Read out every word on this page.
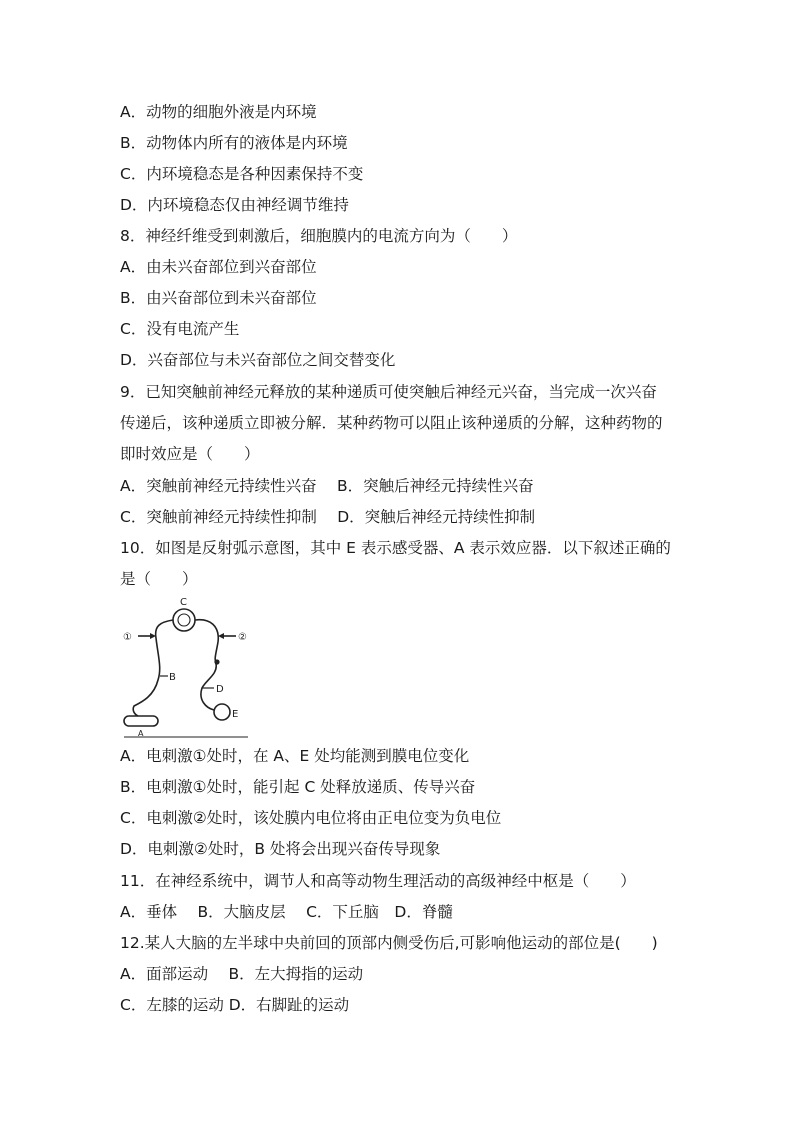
A．动物的细胞外液是内环境
B．动物体内所有的液体是内环境
C．内环境稳态是各种因素保持不变
D．内环境稳态仅由神经调节维持
8．神经纤维受到刺激后，细胞膜内的电流方向为（　　）
A．由未兴奋部位到兴奋部位
B．由兴奋部位到未兴奋部位
C．没有电流产生
D．兴奋部位与未兴奋部位之间交替变化
9．已知突触前神经元释放的某种递质可使突触后神经元兴奋，当完成一次兴奋
传递后，该种递质立即被分解．某种药物可以阻止该种递质的分解，这种药物的
即时效应是（　　）
A．突触前神经元持续性兴奋　 B．突触后神经元持续性兴奋
C．突触前神经元持续性抑制　 D．突触后神经元持续性抑制
10．如图是反射弧示意图，其中 E 表示感受器、A 表示效应器．以下叙述正确的
是（　　）
C
①	②
B
D
E
A
A．电刺激①处时，在 A、E 处均能测到膜电位变化
B．电刺激①处时，能引起 C 处释放递质、传导兴奋
C．电刺激②处时，该处膜内电位将由正电位变为负电位
D．电刺激②处时，B 处将会出现兴奋传导现象
11．在神经系统中，调节人和高等动物生理活动的高级神经中枢是（　　）
A．垂体　 B．大脑皮层　 C．下丘脑　D．脊髓
12.某人大脑的左半球中央前回的顶部内侧受伤后,可影响他运动的部位是(　　)
A．面部运动　 B．左大拇指的运动
C．左膝的运动 D．右脚趾的运动
